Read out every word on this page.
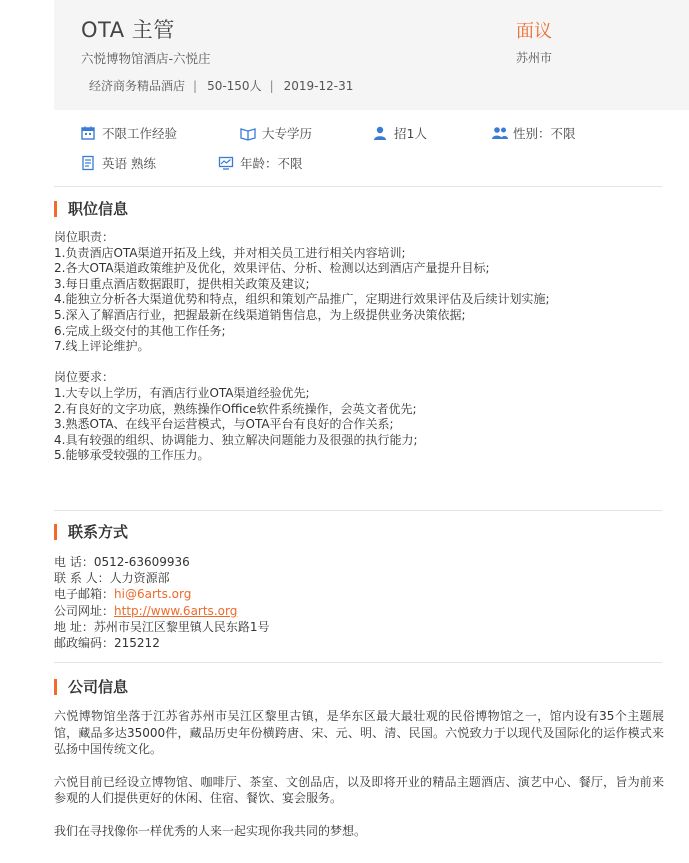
OTA 主管
六悦博物馆酒店-六悦庄
经济商务精品酒店 | 50-150人 | 2019-12-31
面议
苏州市
不限工作经验	大专学历	招1人	性别：不限
英语 熟练	年龄：不限
职位信息

岗位职责：

1.负责酒店OTA渠道开拓及上线，并对相关员工进行相关内容培训;

2.各大OTA渠道政策维护及优化，效果评估、分析、检测以达到酒店产量提升目标;

3.每日重点酒店数据跟盯，提供相关政策及建议;

4.能独立分析各大渠道优势和特点，组织和策划产品推广，定期进行效果评估及后续计划实施;

5.深入了解酒店行业，把握最新在线渠道销售信息，为上级提供业务决策依据;

6.完成上级交付的其他工作任务;

7.线上评论维护。

岗位要求：

1.大专以上学历，有酒店行业OTA渠道经验优先;

2.有良好的文字功底，熟练操作Office软件系统操作，会英文者优先;

3.熟悉OTA、在线平台运营模式，与OTA平台有良好的合作关系;

4.具有较强的组织、协调能力、独立解决问题能力及很强的执行能力;

5.能够承受较强的工作压力。

联系方式

电 话：0512-63609936

联 系 人：人力资源部

电子邮箱：hi@6arts.org

公司网址：http://www.6arts.org

地 址：苏州市吴江区黎里镇人民东路1号

邮政编码：215212

公司信息

六悦博物馆坐落于江苏省苏州市吴江区黎里古镇，是华东区最大最壮观的民俗博物馆之一，馆内设有35个主题展馆，藏品多达35000件，藏品历史年份横跨唐、宋、元、明、清、民国。六悦致力于以现代及国际化的运作模式来弘扬中国传统文化。

六悦目前已经设立博物馆、咖啡厅、茶室、文创品店，以及即将开业的精品主题酒店、演艺中心、餐厅，旨为前来参观的人们提供更好的休闲、住宿、餐饮、宴会服务。

我们在寻找像你一样优秀的人来一起实现你我共同的梦想。
